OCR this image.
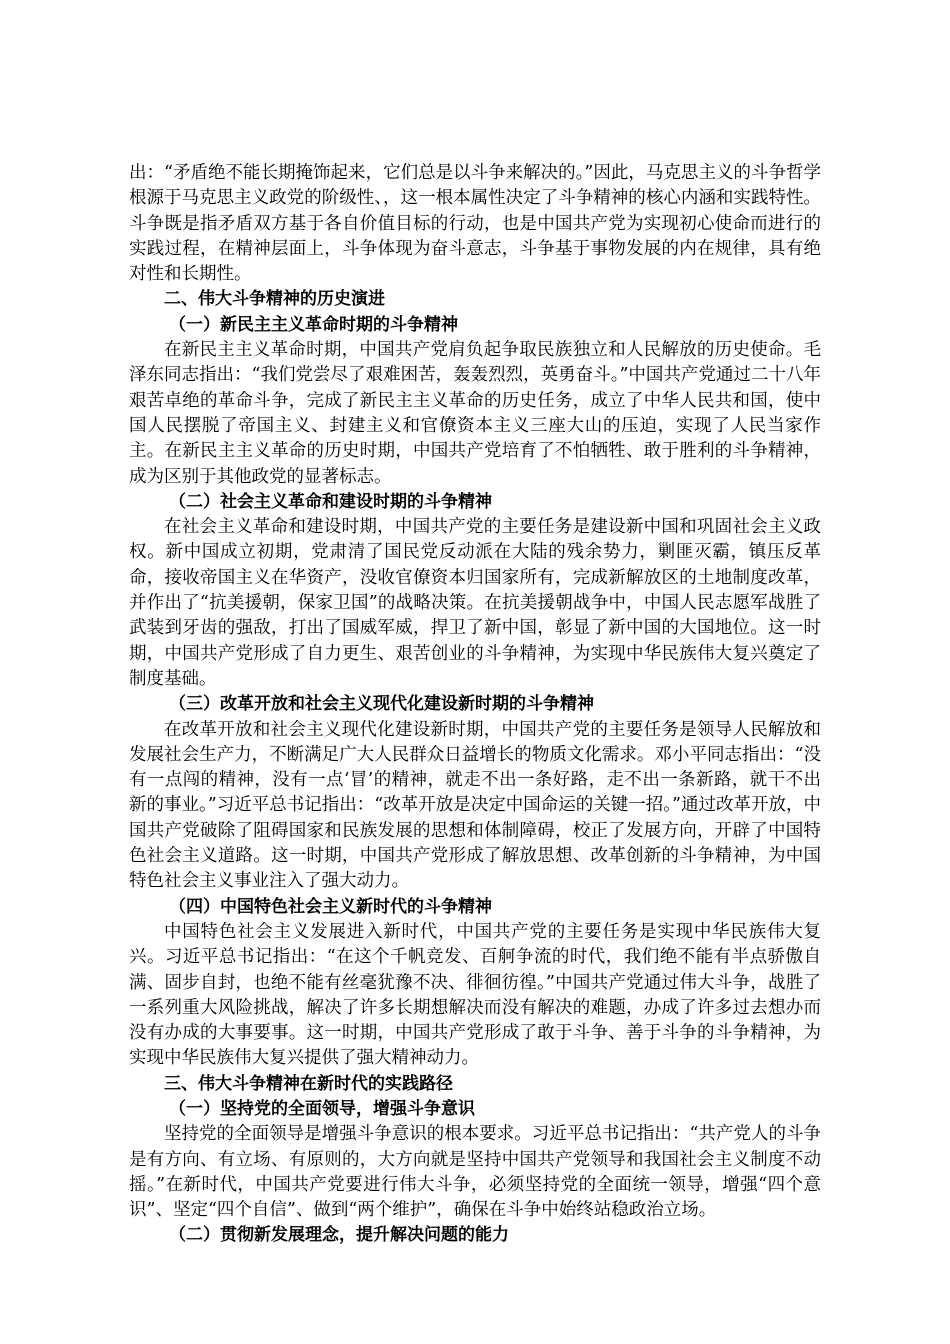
出：“矛盾绝不能长期掩饰起来，它们总是以斗争来解决的。”因此，马克思主义的斗争哲学根源于马克思主义政党的阶级性、，这一根本属性决定了斗争精神的核心内涵和实践特性。斗争既是指矛盾双方基于各自价值目标的行动，也是中国共产党为实现初心使命而进行的实践过程，在精神层面上，斗争体现为奋斗意志，斗争基于事物发展的内在规律，具有绝对性和长期性。

二、伟大斗争精神的历史演进

（一）新民主主义革命时期的斗争精神

在新民主主义革命时期，中国共产党肩负起争取民族独立和人民解放的历史使命。毛泽东同志指出：“我们党尝尽了艰难困苦，轰轰烈烈，英勇奋斗。”中国共产党通过二十八年艰苦卓绝的革命斗争，完成了新民主主义革命的历史任务，成立了中华人民共和国，使中国人民摆脱了帝国主义、封建主义和官僚资本主义三座大山的压迫，实现了人民当家作主。在新民主主义革命的历史时期，中国共产党培育了不怕牺牲、敢于胜利的斗争精神，成为区别于其他政党的显著标志。

（二）社会主义革命和建设时期的斗争精神

在社会主义革命和建设时期，中国共产党的主要任务是建设新中国和巩固社会主义政权。新中国成立初期，党肃清了国民党反动派在大陆的残余势力，剿匪灭霸，镇压反革命，接收帝国主义在华资产，没收官僚资本归国家所有，完成新解放区的土地制度改革，并作出了“抗美援朝，保家卫国”的战略决策。在抗美援朝战争中，中国人民志愿军战胜了武装到牙齿的强敌，打出了国威军威，捍卫了新中国，彰显了新中国的大国地位。这一时期，中国共产党形成了自力更生、艰苦创业的斗争精神，为实现中华民族伟大复兴奠定了制度基础。

（三）改革开放和社会主义现代化建设新时期的斗争精神

在改革开放和社会主义现代化建设新时期，中国共产党的主要任务是领导人民解放和发展社会生产力，不断满足广大人民群众日益增长的物质文化需求。邓小平同志指出：“没有一点闯的精神，没有一点‘冒’的精神，就走不出一条好路，走不出一条新路，就干不出新的事业。”习近平总书记指出：“改革开放是决定中国命运的关键一招。”通过改革开放，中国共产党破除了阻碍国家和民族发展的思想和体制障碍，校正了发展方向，开辟了中国特色社会主义道路。这一时期，中国共产党形成了解放思想、改革创新的斗争精神，为中国特色社会主义事业注入了强大动力。

（四）中国特色社会主义新时代的斗争精神

中国特色社会主义发展进入新时代，中国共产党的主要任务是实现中华民族伟大复兴。习近平总书记指出：“在这个千帆竞发、百舸争流的时代，我们绝不能有半点骄傲自满、固步自封，也绝不能有丝毫犹豫不决、徘徊彷徨。”中国共产党通过伟大斗争，战胜了一系列重大风险挑战，解决了许多长期想解决而没有解决的难题，办成了许多过去想办而没有办成的大事要事。这一时期，中国共产党形成了敢于斗争、善于斗争的斗争精神，为实现中华民族伟大复兴提供了强大精神动力。

三、伟大斗争精神在新时代的实践路径

（一）坚持党的全面领导，增强斗争意识

坚持党的全面领导是增强斗争意识的根本要求。习近平总书记指出：“共产党人的斗争是有方向、有立场、有原则的，大方向就是坚持中国共产党领导和我国社会主义制度不动摇。”在新时代，中国共产党要进行伟大斗争，必须坚持党的全面统一领导，增强“四个意识”、坚定“四个自信”、做到“两个维护”，确保在斗争中始终站稳政治立场。

（二）贯彻新发展理念，提升解决问题的能力
